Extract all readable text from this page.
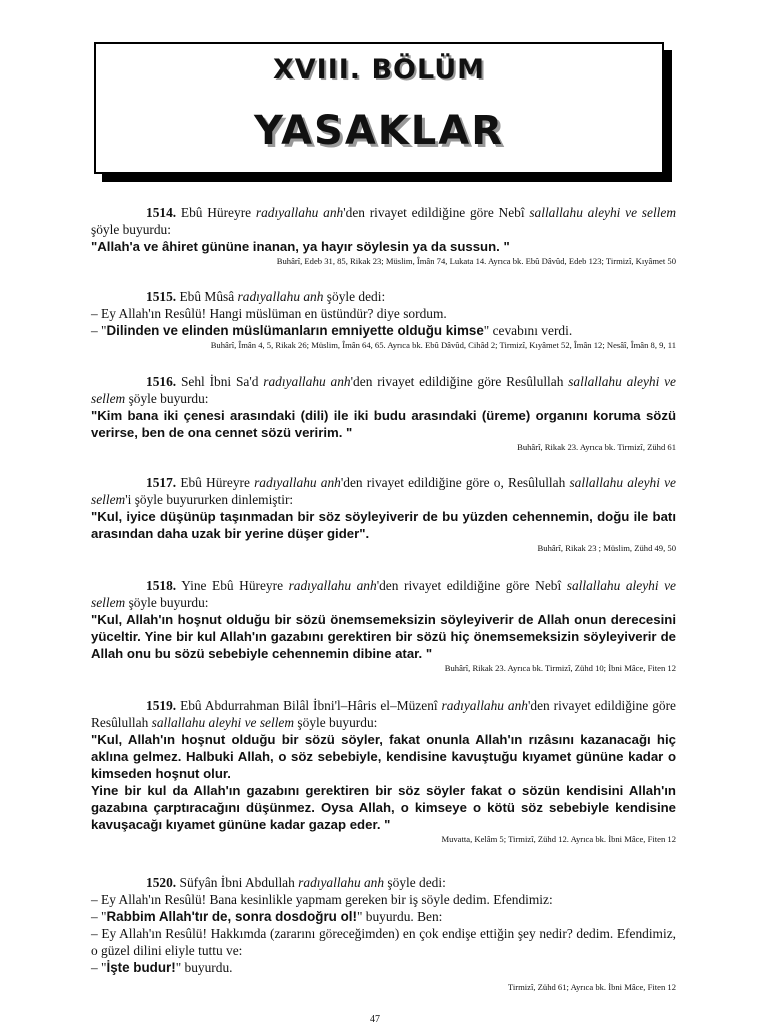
XVIII. BÖLÜM
YASAKLAR

1514. Ebû Hüreyre radıyallahu anh'den rivayet edildiğine göre Nebî sallallahu aleyhi ve sellem şöyle buyurdu:

"Allah'a ve âhiret gününe inanan, ya hayır söylesin ya da sussun. "

Buhârî, Edeb 31, 85, Rikak 23; Müslim, Îmân 74, Lukata 14. Ayrıca bk. Ebû Dâvûd, Edeb 123; Tirmizî, Kıyâmet 50

1515. Ebû Mûsâ radıyallahu anh şöyle dedi:

– Ey Allah'ın Resûlü! Hangi müslüman en üstündür? diye sordum.

– "Dilinden ve elinden müslümanların emniyette olduğu kimse" cevabını verdi.

Buhârî, Îmân 4, 5, Rikak 26; Müslim, Îmân 64, 65. Ayrıca bk. Ebû Dâvûd, Cihâd 2; Tirmizî, Kıyâmet 52, Îmân 12; Nesâî, Îmân 8, 9, 11

1516. Sehl İbni Sa'd radıyallahu anh'den rivayet edildiğine göre Resûlullah sallallahu aleyhi ve sellem şöyle buyurdu:

"Kim bana iki çenesi arasındaki (dili) ile iki budu arasındaki (üreme) organını koruma sözü verirse, ben de ona cennet sözü veririm. "

Buhârî, Rikak 23. Ayrıca bk. Tirmizî, Zühd 61

1517. Ebû Hüreyre radıyallahu anh'den rivayet edildiğine göre o, Resûlullah sallallahu aleyhi ve sellem'i şöyle buyururken dinlemiştir:

"Kul, iyice düşünüp taşınmadan bir söz söyleyiverir de bu yüzden cehennemin, doğu ile batı arasından daha uzak bir yerine düşer gider".

Buhârî, Rikak 23 ; Müslim, Zühd 49, 50

1518. Yine Ebû Hüreyre radıyallahu anh'den rivayet edildiğine göre Nebî sallallahu aleyhi ve sellem şöyle buyurdu:

"Kul, Allah'ın hoşnut olduğu bir sözü önemsemeksizin söyleyiverir de Allah onun derecesini yüceltir. Yine bir kul Allah'ın gazabını gerektiren bir sözü hiç önemsemeksizin söyleyiverir de Allah onu bu sözü sebebiyle cehennemin dibine atar. "

Buhârî, Rikak 23. Ayrıca bk. Tirmizî, Zühd 10; İbni Mâce, Fiten 12

1519. Ebû Abdurrahman Bilâl İbni'l–Hâris el–Müzenî radıyallahu anh'den rivayet edildiğine göre Resûlullah sallallahu aleyhi ve sellem şöyle buyurdu:

"Kul, Allah'ın hoşnut olduğu bir sözü söyler, fakat onunla Allah'ın rızâsını kazanacağı hiç aklına gelmez. Halbuki Allah, o söz sebebiyle, kendisine kavuştuğu kıyamet gününe kadar o kimseden hoşnut olur.

Yine bir kul da Allah'ın gazabını gerektiren bir söz söyler fakat o sözün kendisini Allah'ın gazabına çarptıracağını düşünmez. Oysa Allah, o kimseye o kötü söz sebebiyle kendisine kavuşacağı kıyamet gününe kadar gazap eder. "

Muvatta, Kelâm 5; Tirmizî, Zühd 12. Ayrıca bk. İbni Mâce, Fiten 12

1520. Süfyân İbni Abdullah radıyallahu anh şöyle dedi:

– Ey Allah'ın Resûlü! Bana kesinlikle yapmam gereken bir iş söyle dedim. Efendimiz:

– "Rabbim Allah'tır de, sonra dosdoğru ol!" buyurdu. Ben:

– Ey Allah'ın Resûlü! Hakkımda (zararını göreceğimden) en çok endişe ettiğin şey nedir? dedim. Efendimiz, o güzel dilini eliyle tuttu ve:

– "İşte budur!" buyurdu.

Tirmizî, Zühd 61; Ayrıca bk. İbni Mâce, Fiten 12

47
